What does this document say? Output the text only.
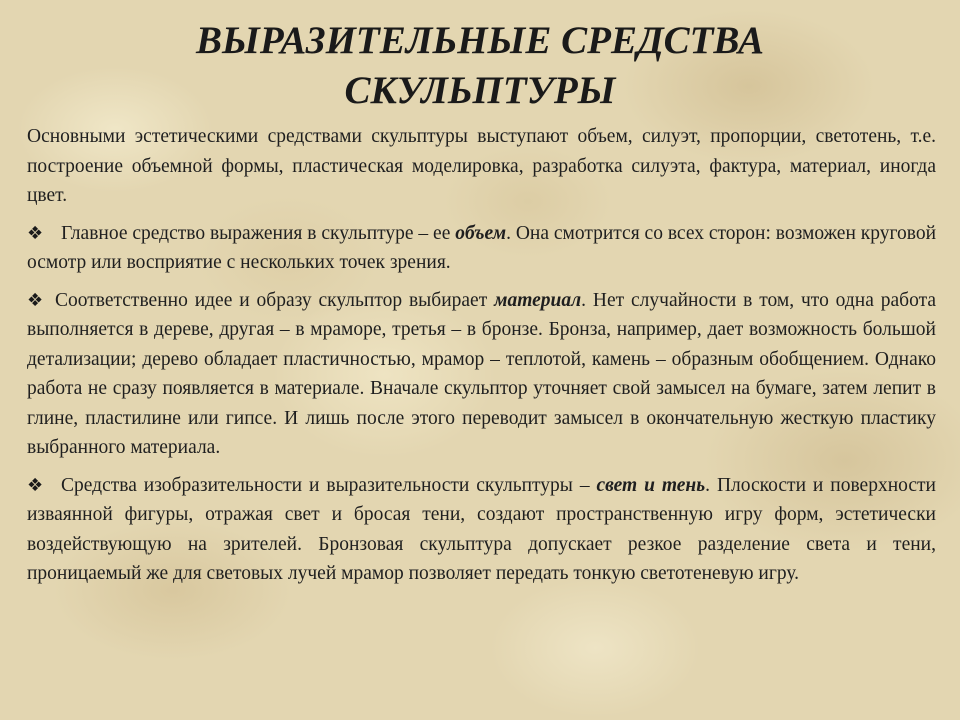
ВЫРАЗИТЕЛЬНЫЕ СРЕДСТВА
СКУЛЬПТУРЫ

Основными эстетическими средствами скульптуры выступают объем, силуэт, пропорции, светотень, т.е. построение объемной формы, пластическая моделировка, разработка силуэта, фактура, материал, иногда цвет.

❖ Главное средство выражения в скульптуре – ее объем. Она смотрится со всех сторон: возможен круговой осмотр или восприятие с нескольких точек зрения.

❖ Соответственно идее и образу скульптор выбирает материал. Нет случайности в том, что одна работа выполняется в дереве, другая – в мраморе, третья – в бронзе. Бронза, например, дает возможность большой детализации; дерево обладает пластичностью, мрамор – теплотой, камень – образным обобщением. Однако работа не сразу появляется в материале. Вначале скульптор уточняет свой замысел на бумаге, затем лепит в глине, пластилине или гипсе. И лишь после этого переводит замысел в окончательную жесткую пластику выбранного материала.

❖ Средства изобразительности и выразительности скульптуры – свет и тень. Плоскости и поверхности изваянной фигуры, отражая свет и бросая тени, создают пространственную игру форм, эстетически воздействующую на зрителей. Бронзовая скульптура допускает резкое разделение света и тени, проницаемый же для световых лучей мрамор позволяет передать тонкую светотеневую игру.
